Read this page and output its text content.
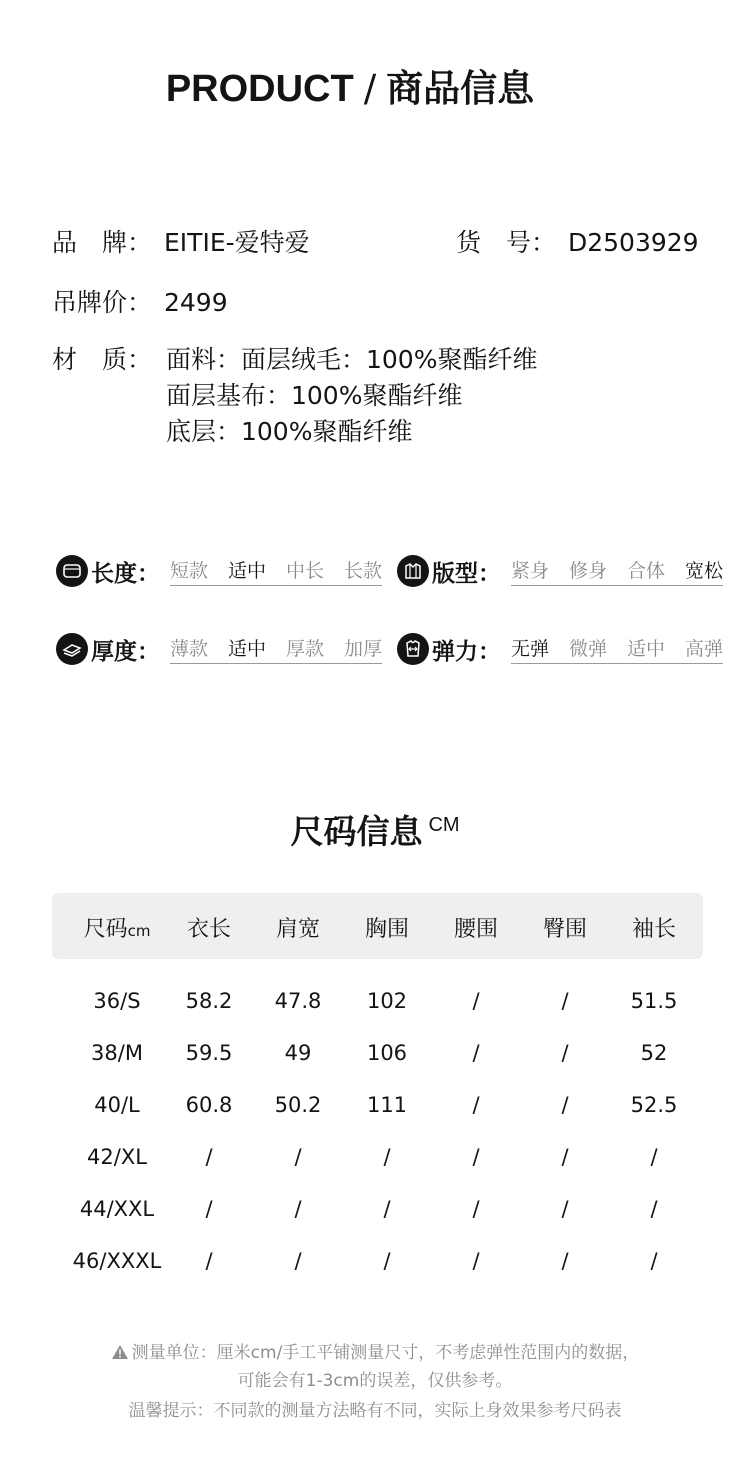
PRODUCT / 商品信息
品　牌： EITIE-爱特爱	货　号： D2503929
吊牌价： 2499
材　质： 面料：面层绒毛：100%聚酯纤维
面层基布：100%聚酯纤维
底层：100%聚酯纤维
长度： 短款 适中 中长 长款 版型： 紧身 修身 合体 宽松
厚度： 薄款 适中 厚款 加厚 弹力： 无弹 微弹 适中 高弹
尺码信息 $^{CM}$
尺码cm	衣长	肩宽	胸围	腰围	臀围	袖长
36/S	58.2	47.8	102	/	/	51.5
38/M	59.5	49	106	/	/	52
40/L	60.8	50.2	111	/	/	52.5
42/XL	/	/	/	/	/	/
44/XXL	/	/	/	/	/	/
46/XXXL	/	/	/	/	/	/
测量单位：厘米cm/手工平铺测量尺寸，不考虑弹性范围内的数据，
可能会有1-3cm的误差，仅供参考。
温馨提示：不同款的测量方法略有不同，实际上身效果参考尺码表
